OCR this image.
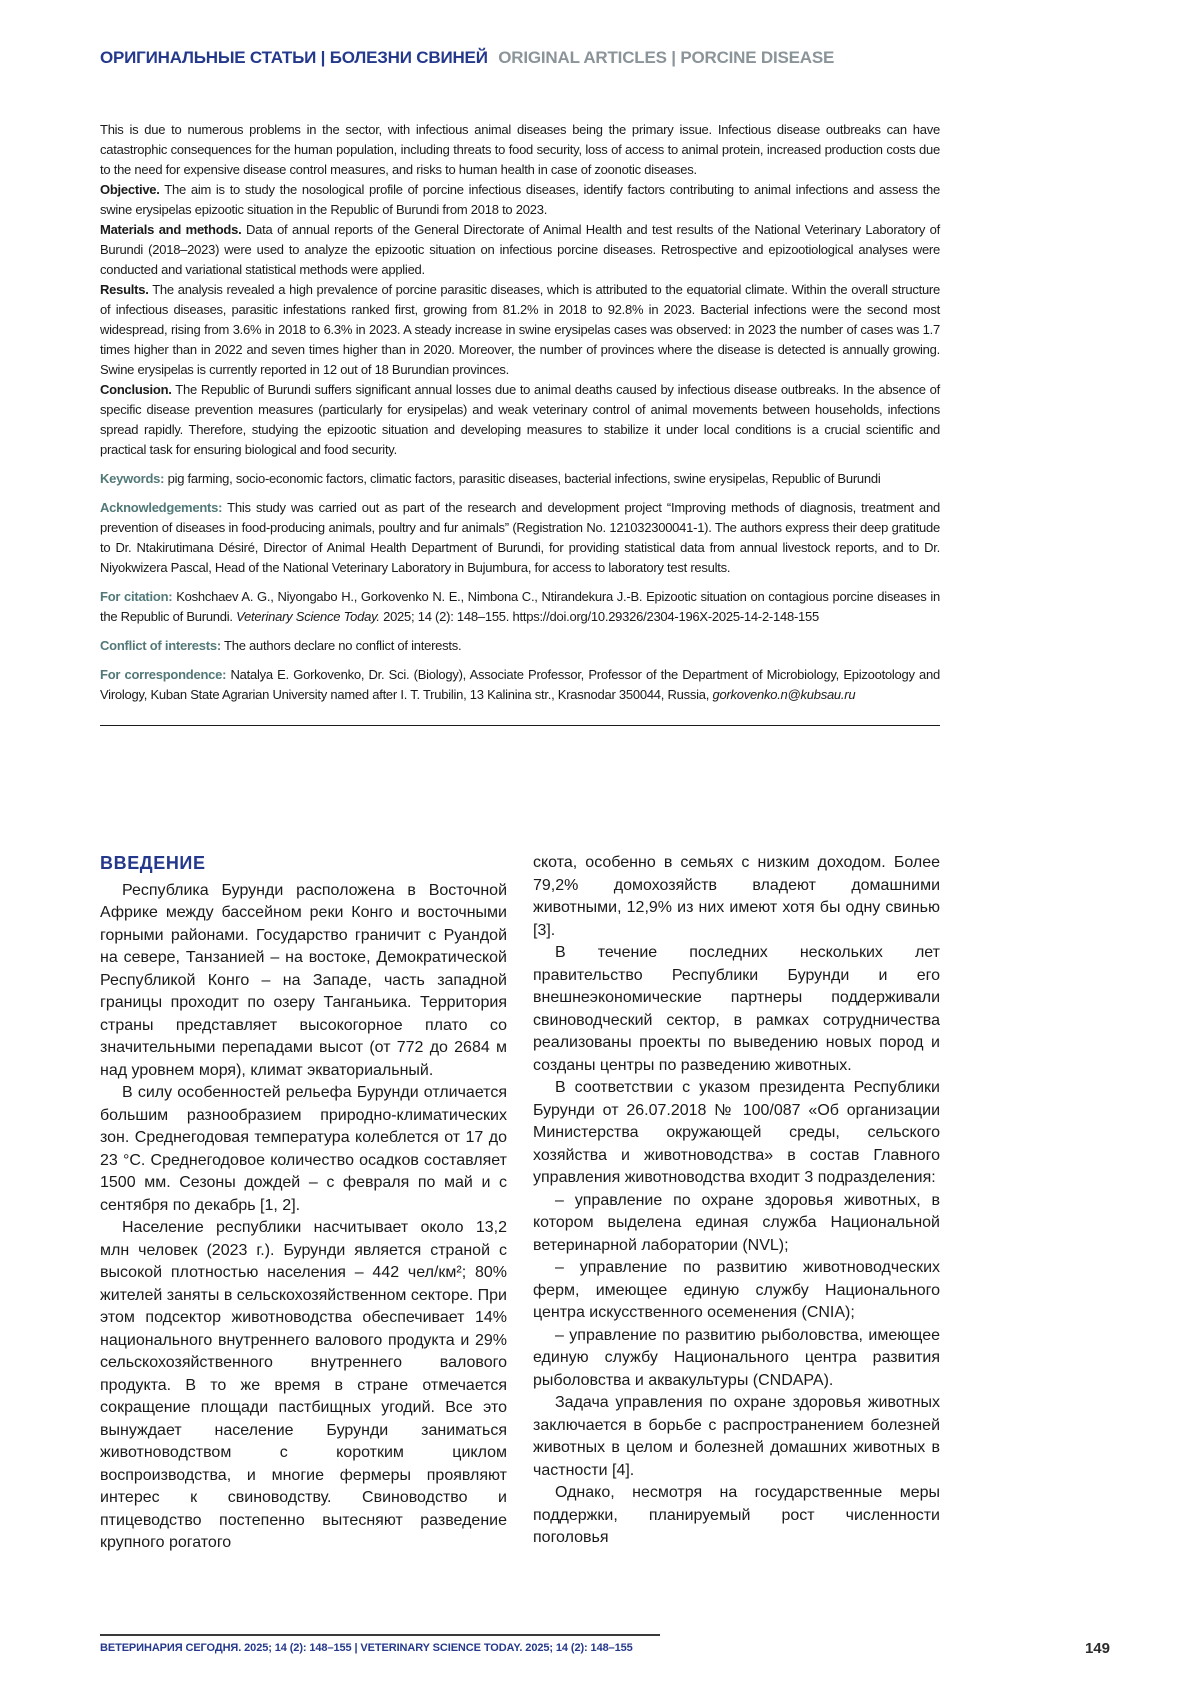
ОРИГИНАЛЬНЫЕ СТАТЬИ | БОЛЕЗНИ СВИНЕЙ ORIGINAL ARTICLES | PORCINE DISEASE

This is due to numerous problems in the sector, with infectious animal diseases being the primary issue. Infectious disease outbreaks can have catastrophic consequences for the human population, including threats to food security, loss of access to animal protein, increased production costs due to the need for expensive disease control measures, and risks to human health in case of zoonotic diseases.

Objective. The aim is to study the nosological profile of porcine infectious diseases, identify factors contributing to animal infections and assess the swine erysipelas epizootic situation in the Republic of Burundi from 2018 to 2023.

Materials and methods. Data of annual reports of the General Directorate of Animal Health and test results of the National Veterinary Laboratory of Burundi (2018–2023) were used to analyze the epizootic situation on infectious porcine diseases. Retrospective and epizootiological analyses were conducted and variational statistical methods were applied.

Results. The analysis revealed a high prevalence of porcine parasitic diseases, which is attributed to the equatorial climate. Within the overall structure of infectious diseases, parasitic infestations ranked first, growing from 81.2% in 2018 to 92.8% in 2023. Bacterial infections were the second most widespread, rising from 3.6% in 2018 to 6.3% in 2023. A steady increase in swine erysipelas cases was observed: in 2023 the number of cases was 1.7 times higher than in 2022 and seven times higher than in 2020. Moreover, the number of provinces where the disease is detected is annually growing. Swine erysipelas is currently reported in 12 out of 18 Burundian provinces.

Conclusion. The Republic of Burundi suffers significant annual losses due to animal deaths caused by infectious disease outbreaks. In the absence of specific disease prevention measures (particularly for erysipelas) and weak veterinary control of animal movements between households, infections spread rapidly. Therefore, studying the epizootic situation and developing measures to stabilize it under local conditions is a crucial scientific and practical task for ensuring biological and food security.

Keywords: pig farming, socio-economic factors, climatic factors, parasitic diseases, bacterial infections, swine erysipelas, Republic of Burundi

Acknowledgements: This study was carried out as part of the research and development project “Improving methods of diagnosis, treatment and prevention of diseases in food-producing animals, poultry and fur animals” (Registration No. 121032300041-1). The authors express their deep gratitude to Dr. Ntakirutimana Désiré, Director of Animal Health Department of Burundi, for providing statistical data from annual livestock reports, and to Dr. Niyokwizera Pascal, Head of the National Veterinary Laboratory in Bujumbura, for access to laboratory test results.

For citation: Koshchaev A. G., Niyongabo H., Gorkovenko N. E., Nimbona C., Ntirandekura J.-B. Epizootic situation on contagious porcine diseases in the Republic of Burundi. Veterinary Science Today. 2025; 14 (2): 148–155. https://doi.org/10.29326/2304-196X-2025-14-2-148-155

Conflict of interests: The authors declare no conflict of interests.

For correspondence: Natalya E. Gorkovenko, Dr. Sci. (Biology), Associate Professor, Professor of the Department of Microbiology, Epizootology and Virology, Kuban State Agrarian University named after I. T. Trubilin, 13 Kalinina str., Krasnodar 350044, Russia, gorkovenko.n@kubsau.ru

ВВЕДЕНИЕ

Республика Бурунди расположена в Восточной Африке между бассейном реки Конго и восточными горными районами. Государство граничит с Руандой на севере, Танзанией – на востоке, Демократической Республикой Конго – на Западе, часть западной границы проходит по озеру Танганьика. Территория страны представляет высокогорное плато со значительными перепадами высот (от 772 до 2684 м над уровнем моря), климат экваториальный.

В силу особенностей рельефа Бурунди отличается большим разнообразием природно-климатических зон. Среднегодовая температура колеблется от 17 до 23 °C. Среднегодовое количество осадков составляет 1500 мм. Сезоны дождей – с февраля по май и с сентября по декабрь [1, 2].

Население республики насчитывает около 13,2 млн человек (2023 г.). Бурунди является страной с высокой плотностью населения – 442 чел/км²; 80% жителей заняты в сельскохозяйственном секторе. При этом подсектор животноводства обеспечивает 14% национального внутреннего валового продукта и 29% сельскохозяйственного внутреннего валового продукта. В то же время в стране отмечается сокращение площади пастбищных угодий. Все это вынуждает население Бурунди заниматься животноводством с коротким циклом воспроизводства, и многие фермеры проявляют интерес к свиноводству. Свиноводство и птицеводство постепенно вытесняют разведение крупного рогатого

скота, особенно в семьях с низким доходом. Более 79,2% домохозяйств владеют домашними животными, 12,9% из них имеют хотя бы одну свинью [3].

В течение последних нескольких лет правительство Республики Бурунди и его внешнеэкономические партнеры поддерживали свиноводческий сектор, в рамках сотрудничества реализованы проекты по выведению новых пород и созданы центры по разведению животных.

В соответствии с указом президента Республики Бурунди от 26.07.2018 № 100/087 «Об организации Министерства окружающей среды, сельского хозяйства и животноводства» в состав Главного управления животноводства входит 3 подразделения:

– управление по охране здоровья животных, в котором выделена единая служба Национальной ветеринарной лаборатории (NVL);

– управление по развитию животноводческих ферм, имеющее единую службу Национального центра искусственного осеменения (CNIA);

– управление по развитию рыболовства, имеющее единую службу Национального центра развития рыболовства и аквакультуры (CNDAPA).

Задача управления по охране здоровья животных заключается в борьбе с распространением болезней животных в целом и болезней домашних животных в частности [4].

Однако, несмотря на государственные меры поддержки, планируемый рост численности поголовья

ВЕТЕРИНАРИЯ СЕГОДНЯ. 2025; 14 (2): 148–155 | VETERINARY SCIENCE TODAY. 2025; 14 (2): 148–155	149
